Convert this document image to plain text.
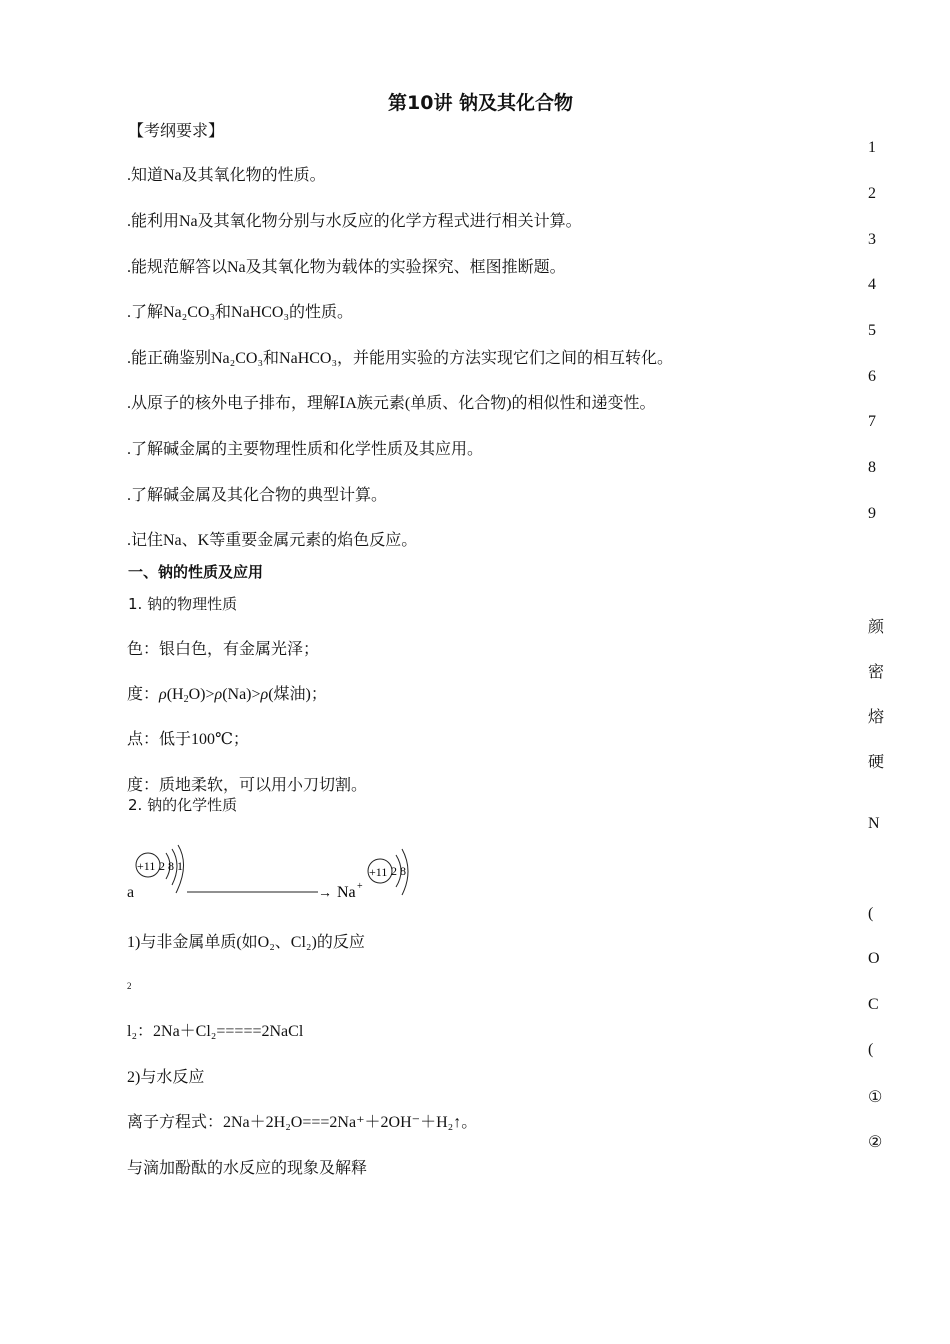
第10讲 钠及其化合物
【考纲要求】
.知道Na及其氧化物的性质。
.能利用Na及其氧化物分别与水反应的化学方程式进行相关计算。
.能规范解答以Na及其氧化物为载体的实验探究、框图推断题。
.了解Na₂CO₃和NaHCO₃的性质。
.能正确鉴别Na₂CO₃和NaHCO₃，并能用实验的方法实现它们之间的相互转化。
.从原子的核外电子排布，理解ⅠA族元素(单质、化合物)的相似性和递变性。
.了解碱金属的主要物理性质和化学性质及其应用。
.了解碱金属及其化合物的典型计算。
.记住Na、K等重要金属元素的焰色反应。
1
2
3
4
5
6
7
8
9
颜
密
熔
硬
N
(
O
C
(
①
②
一、钠的性质及应用
1. 钠的物理性质
色：银白色，有金属光泽；
度：$\rho(H_2O)>\rho(Na)>\rho$(煤油)；
点：低于100℃；
度：质地柔软，可以用小刀切割。
2. 钠的化学性质
a
+11 2 8 1
→ Na +
+11 2 8
1)与非金属单质(如O₂、Cl₂)的反应
2
l₂：2Na＋Cl₂=====2NaCl
2)与水反应
离子方程式：2Na＋2H₂O===2Na⁺＋2OH⁻＋H₂↑。
与滴加酚酞的水反应的现象及解释
